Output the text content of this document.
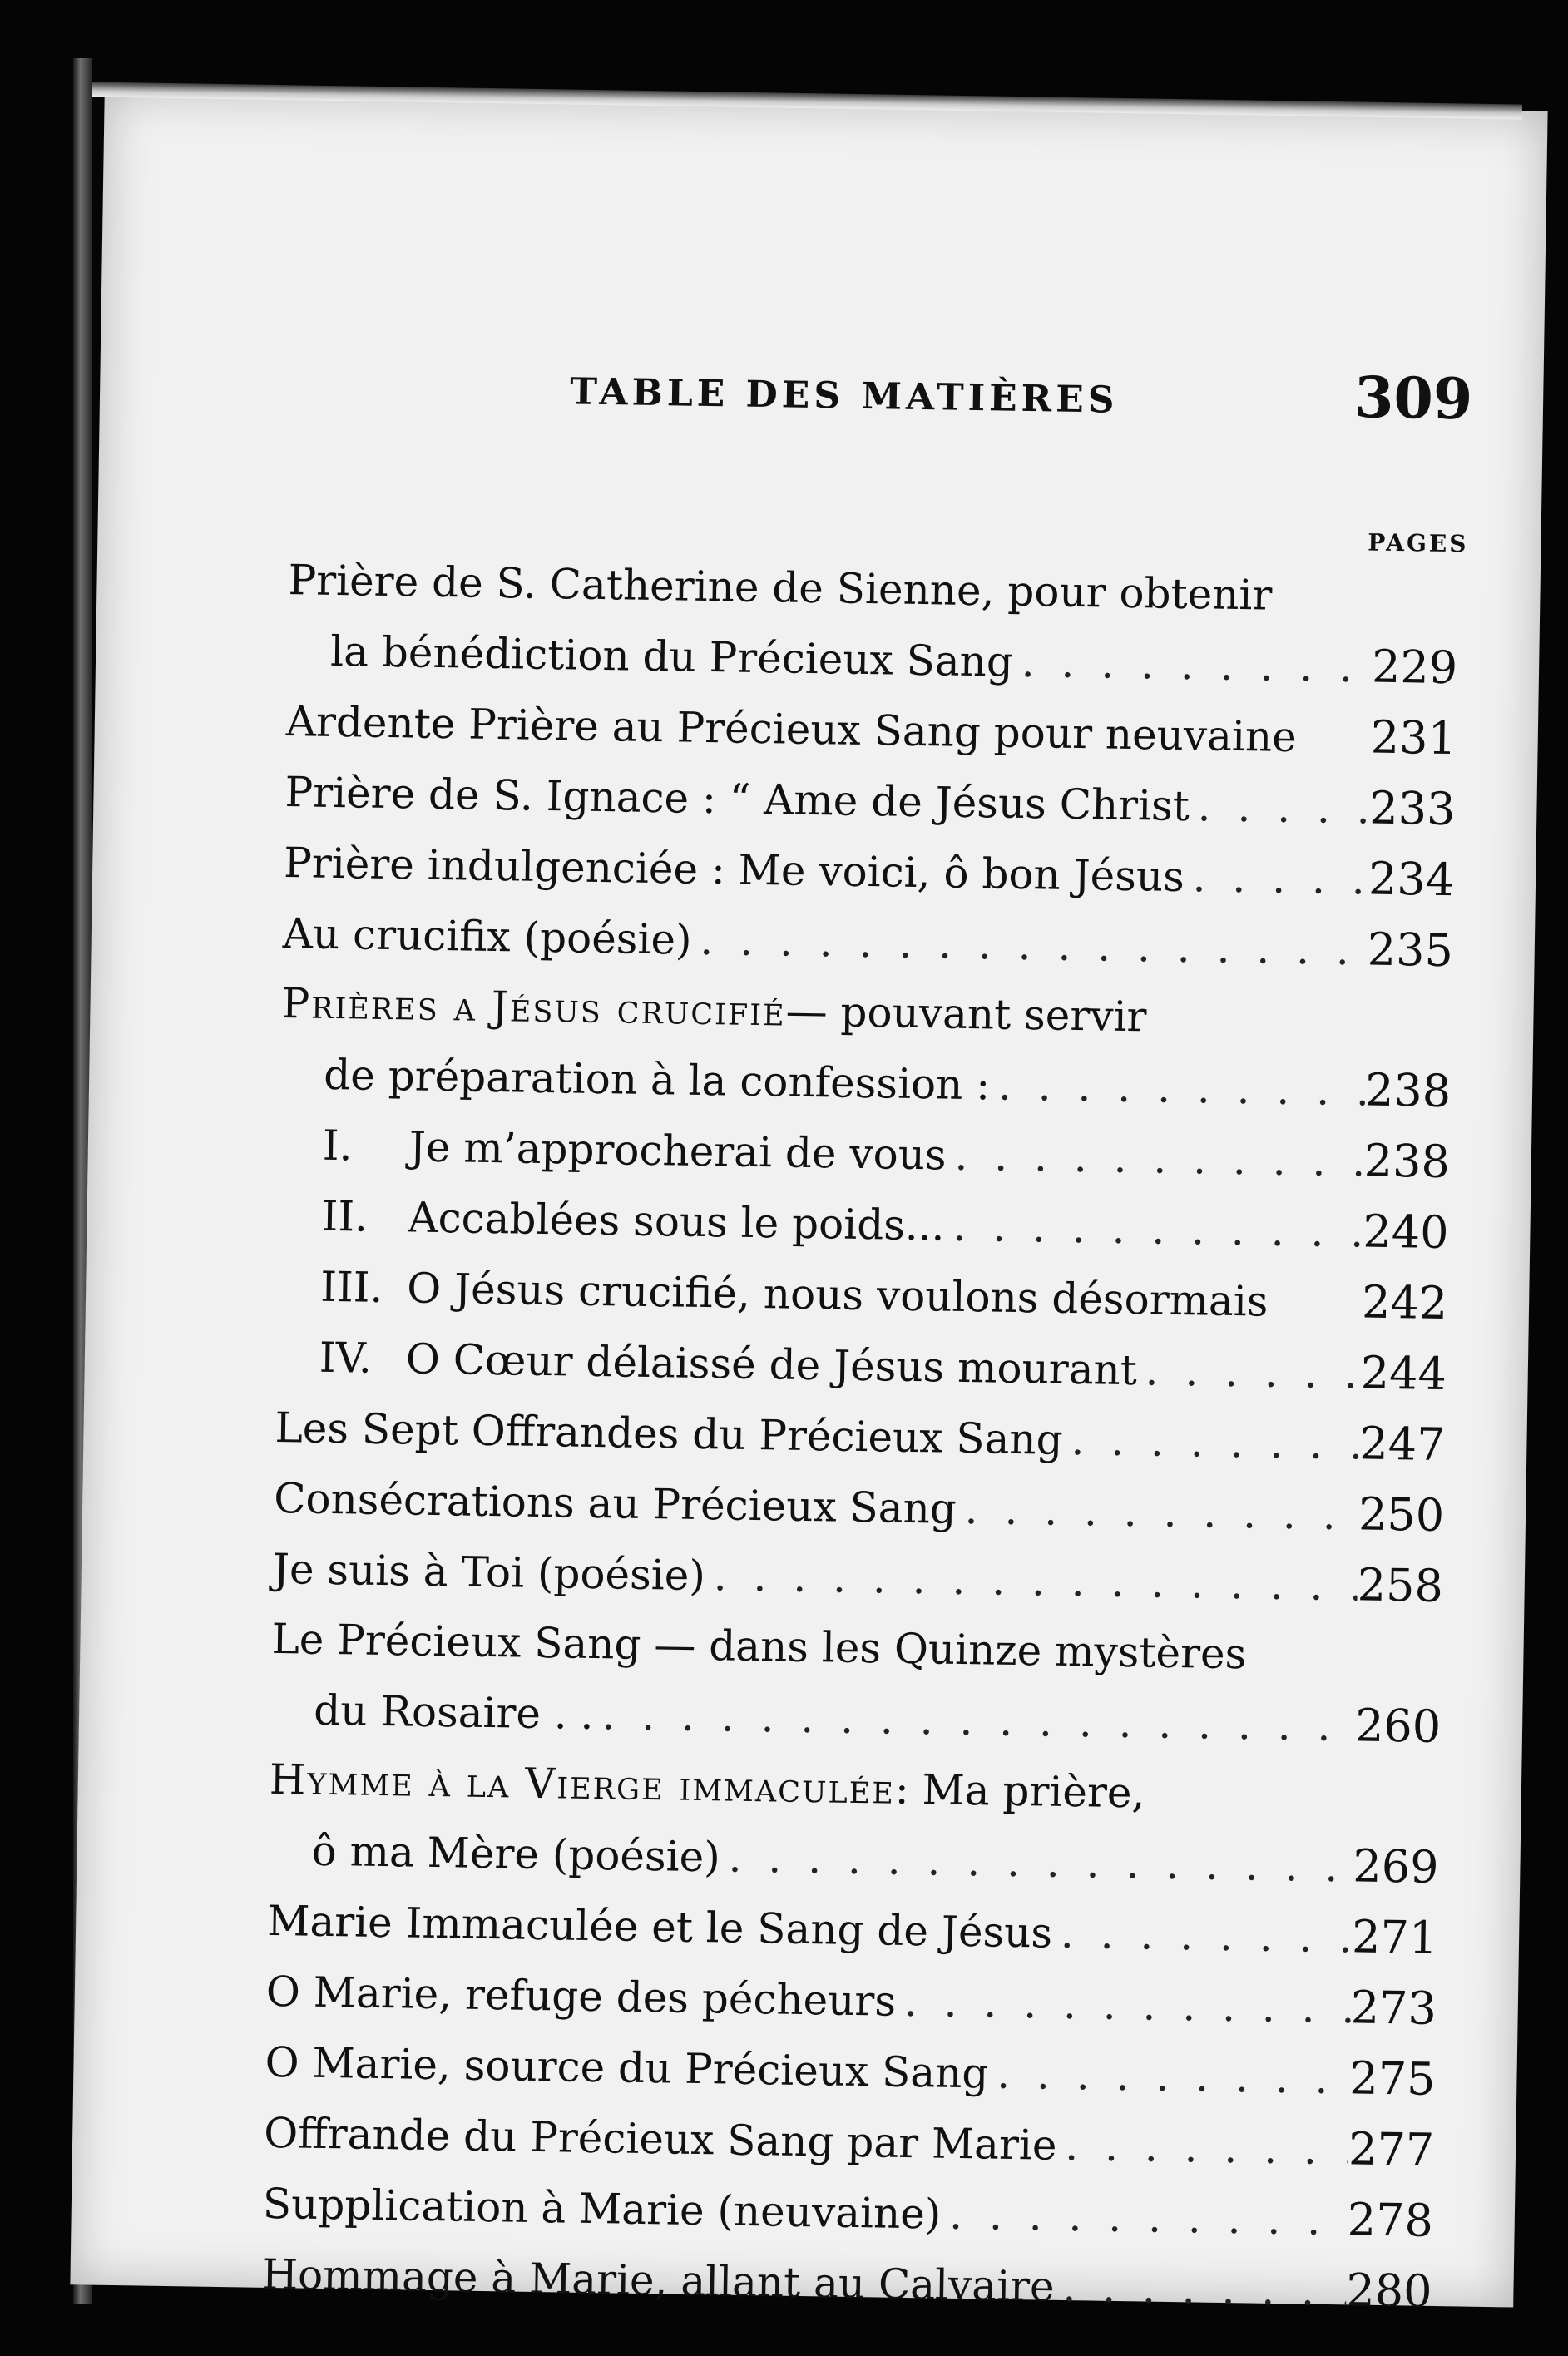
TABLE DES MATIÈRES	309
PAGES
Prière de S. Catherine de Sienne, pour obtenir
la bénédiction du Précieux Sang . . .	229
Ardente Prière au Précieux Sang pour neuvaine 231
Prière de S. Ignace : “ Ame de Jésus Christ . . .	233
Prière indulgenciée : Me voici, ô bon Jésus . . .	234
Au crucifix (poésie) . . .	235
Prières a Jésus crucifié — pouvant servir
de préparation à la confession : . . .	238
I.	Je m’approcherai de vous . . .	238
II. Accablées sous le poids... . . .	240
III. O Jésus crucifié, nous voulons désormais 242
IV. O Cœur délaissé de Jésus mourant . . .	244
Les Sept Offrandes du Précieux Sang . . .	247
Consécrations au Précieux Sang . . .	250
Je suis à Toi (poésie) . . .	258
Le Précieux Sang — dans les Quinze mystères
du Rosaire . . . . .	260
Hymme à la Vierge immaculée : Ma prière,
ô ma Mère (poésie) . . .	269
Marie Immaculée et le Sang de Jésus . . .	271
O Marie, refuge des pécheurs . . .	273
O Marie, source du Précieux Sang . . .	275
Offrande du Précieux Sang par Marie . . .	277
Supplication à Marie (neuvaine) . . .	278
Hommage à Marie, allant au Calvaire . . .	280
